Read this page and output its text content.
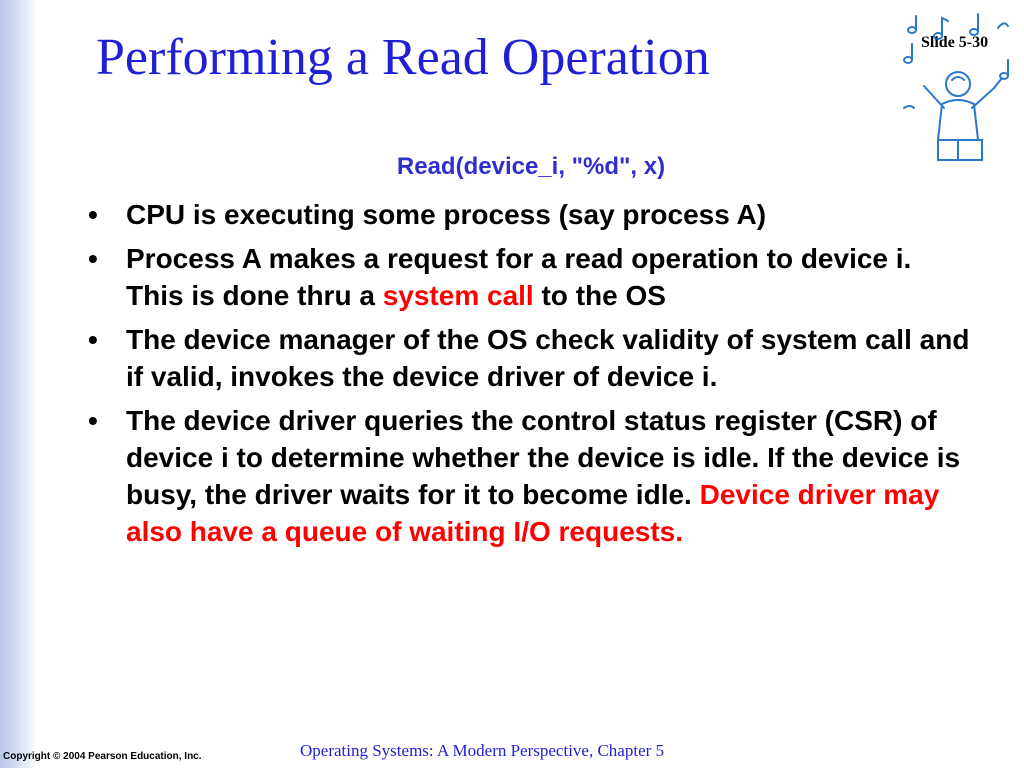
Performing a Read Operation	Slide 5-30
Read(device_i, "%d", x)
• CPU is executing some process (say process A)
• Process A makes a request for a read operation to device i. This is done thru a system call to the OS
• The device manager of the OS check validity of system call and if valid, invokes the device driver of device i.
• The device driver queries the control status register (CSR) of device i to determine whether the device is idle. If the device is busy, the driver waits for it to become idle. Device driver may also have a queue of waiting I/O requests.
Operating Systems: A Modern Perspective, Chapter 5
Copyright © 2004 Pearson Education, Inc.
